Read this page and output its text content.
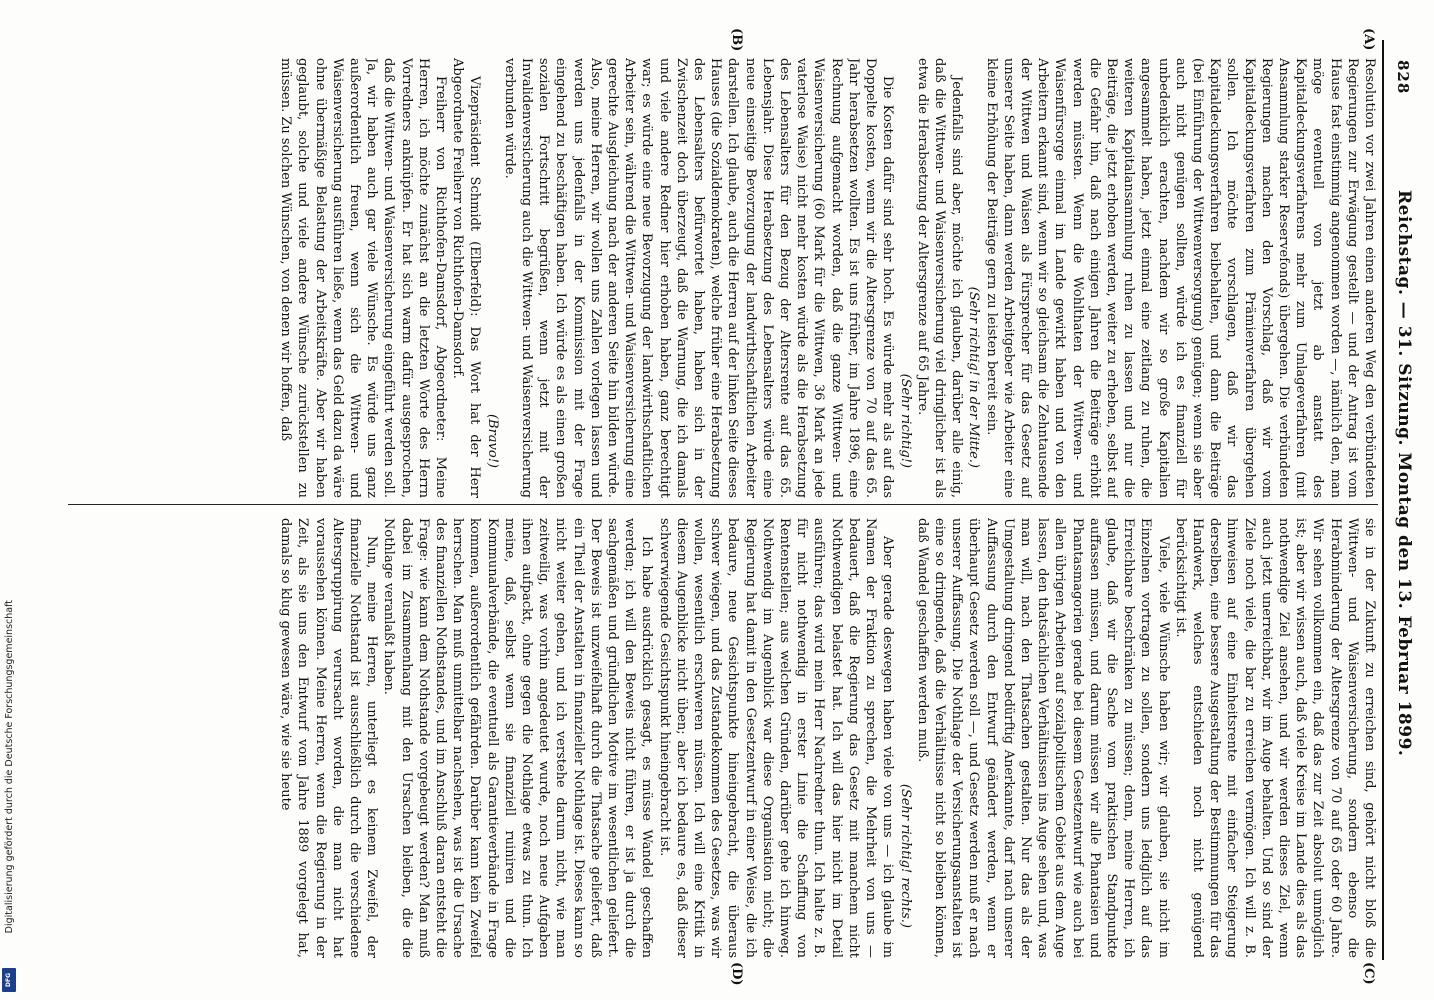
828
Reichstag. — 31. Sitzung. Montag den 13. Februar 1899.
(A)
(B)
(C)
(D)

Resolution vor zwei Jahren einen anderen Weg den verbündeten Regierungen zur Erwägung gestellt — und der Antrag ist vom Hause fast einstimmig angenommen worden —, nämlich den, man möge eventuell von jetzt ab anstatt des Kapitaldeckungsverfahrens mehr zum Umlageverfahren (mit Ansammlung starker Reservefonds) übergehen. Die verbündeten Regierungen machen den Vorschlag, daß wir vom Kapitaldeckungsverfahren zum Prämienverfahren übergehen sollen. Ich möchte vorschlagen, daß wir das Kapitaldeckungsverfahren beibehalten, und dann die Beiträge (bei Einführung der Wittwenversorgung) genügen; wenn sie aber auch nicht genügen sollten, würde ich es finanziell für unbedenklich erachten, nachdem wir so große Kapitalien angesammelt haben, jetzt einmal eine zeitlang zu ruhen, die weiteren Kapitalansammlung ruhen zu lassen und nur die Beiträge, die jetzt erhoben werden, weiter zu erheben, selbst auf die Gefahr hin, daß nach einigen Jahren die Beiträge erhöht werden müssten. Wenn die Wohlthaten der Wittwen- und Waisenfürsorge einmal im Lande gewirkt haben und von den Arbeitern erkannt sind, wenn wir so gleichsam die Zehntausende der Wittwen und Waisen als Fürsprecher für das Gesetz auf unserer Seite haben, dann werden Arbeitgeber wie Arbeiter eine kleine Erhöhung der Beiträge gern zu leisten bereit sein.

(Sehr richtig! in der Mitte.)

Jedenfalls sind aber, möchte ich glauben, darüber alle einig, daß die Wittwen- und Waisenversicherung viel dringlicher ist als etwa die Herabsetzung der Altersgrenze auf 65 Jahre.

(Sehr richtig!)

Die Kosten dafür sind sehr hoch. Es würde mehr als auf das Doppelte kosten, wenn wir die Altersgrenze von 70 auf das 65. Jahr herabsetzen wollten. Es ist uns früher, im Jahre 1896, eine Rechnung aufgemacht worden, daß die ganze Wittwen- und Waisenversicherung (60 Mark für die Wittwen, 36 Mark an jede vaterlose Waise) nicht mehr kosten würde als die Herabsetzung des Lebensalters für den Bezug der Altersrente auf das 65. Lebensjahr. Diese Herabsetzung des Lebensalters würde eine neue einseitige Bevorzugung der landwirthschaftlichen Arbeiter darstellen. Ich glaube, auch die Herren auf der linken Seite dieses Hauses (die Sozialdemokraten), welche früher eine Herabsetzung des Lebensalters befürwortet haben, haben sich in der Zwischenzeit doch überzeugt, daß die Warnung, die ich damals und viele andere Redner hier erhoben haben, ganz berechtigt war; es würde eine neue Bevorzugung der landwirthschaftlichen Arbeiter sein, während die Wittwen- und Waisenversicherung eine gerechte Ausgleichung nach der anderen Seite hin bilden würde. Also, meine Herren, wir wollen uns Zahlen vorlegen lassen und werden uns jedenfalls in der Kommission mit der Frage eingehend zu beschäftigen haben. Ich würde es als einen großen sozialen Fortschritt begrüßen, wenn jetzt mit der Invalidenversicherung auch die Wittwen- und Waisenversicherung verbunden würde.

(Bravo!)

Vizepräsident Schmidt (Elberfeld): Das Wort hat der Herr Abgeordnete Freiherr von Richthofen-Damsdorf.

Freiherr von Richthofen-Damsdorf, Abgeordneter: Meine Herren, ich möchte zunächst an die letzten Worte des Herrn Vorredners anknüpfen. Er hat sich warm dafür ausgesprochen, daß die Wittwen- und Waisenversicherung eingeführt werden soll. Ja, wir haben auch gar viele Wünsche. Es würde uns ganz außerordentlich freuen, wenn sich die Wittwen- und Waisenversicherung ausführen ließe, wenn das Geld dazu da wäre ohne übermäßige Belastung der Arbeitskräfte. Aber wir haben geglaubt, solche und viele andere Wünsche zurückstellen zu müssen. Zu solchen Wünschen, von denen wir hoffen, daß

sie in der Zukunft zu erreichen sind, gehört nicht bloß die Wittwen- und Waisenversicherung, sondern ebenso die Herabminderung der Altersgrenze von 70 auf 65 oder 60 Jahre. Wir sehen vollkommen ein, daß das zur Zeit absolut unmöglich ist; aber wir wissen auch, daß viele Kreise im Lande dies als das nothwendige Ziel ansehen, und wir werden dieses Ziel, wenn auch jetzt unerreichbar, wir im Auge behalten. Und so sind der Ziele noch viele, die bar zu erreichen vermögen. Ich will z. B. hinweisen auf eine Einheitsrente mit einfacher Steigerung derselben, eine bessere Ausgestaltung der Bestimmungen für das Handwerk, welches entschieden noch nicht genügend berücksichtigt ist.

Viele, viele Wünsche haben wir; wir glauben, sie nicht im Einzelnen vortragen zu sollen, sondern uns lediglich auf das Erreichbare beschränken zu müssen; denn, meine Herren, ich glaube, daß wir die Sache vom praktischen Standpunkte auffassen müssen, und darum müssen wir alle Phantasien und Phantasmagorien gerade bei diesem Gesetzentwurf wie auch bei allen übrigen Arbeiten auf sozialpolitischem Gebiet aus dem Auge lassen, den thatsächlichen Verhältnissen ins Auge sehen und, was man will, nach den Thatsachen gestalten. Nur das als der Umgestaltung dringend bedürftig Anerkannte, darf nach unserer Auffassung durch den Entwurf geändert werden, wenn er überhaupt Gesetz werden soll —, und Gesetz werden muß er nach unserer Auffassung. Die Nothlage der Versicherungsanstalten ist eine so dringende, daß die Verhältnisse nicht so bleiben können, daß Wandel geschaffen werden muß.

(Sehr richtig! rechts.)

Aber gerade deswegen haben viele von uns — ich glaube im Namen der Fraktion zu sprechen, die Mehrheit von uns — bedauert, daß die Regierung das Gesetz mit manchem nicht Nothwendigen belastet hat. Ich will das hier nicht im Detail ausführen; das wird mein Herr Nachredner thun. Ich halte z. B. für nicht nothwendig in erster Linie die Schaffung von Rentenstellen; aus welchen Gründen, darüber gehe ich hinweg. Nothwendig im Augenblick war diese Organisation nicht; die Regierung hat damit in den Gesetzentwurf in einer Weise, die ich bedaure, neue Gesichtspunkte hineingebracht, die überaus schwer wiegen, und das Zustandekommen des Gesetzes, was wir wollen, wesentlich erschweren müssen. Ich will eine Kritik in diesem Augenblicke nicht üben; aber ich bedaure es, daß dieser schwerwiegende Gesichtspunkt hineingebracht ist.

Ich habe ausdrücklich gesagt, es müsse Wandel geschaffen werden; ich will den Beweis nicht führen, er ist ja durch die sachgemäßen und gründlichen Motive im wesentlichen geliefert. Der Beweis ist unzweifelhaft durch die Thatsache geliefert, daß ein Theil der Anstalten in finanzieller Nothlage ist. Dieses kann so nicht weiter gehen, und ich verstehe darum nicht, wie man zeitweilig, was vorhin angedeutet wurde, noch neue Aufgaben ihnen aufpackt, ohne gegen die Nothlage etwas zu thun. Ich meine, daß, selbst wenn sie finanziell ruiniren und die Kommunalverbände, die eventuell als Garantieverbände in Frage kommen, außerordentlich gefährden. Darüber kann kein Zweifel herrschen. Man muß unmittelbar nachsehen, was ist die Ursache des finanziellen Nothstandes, und im Anschluß daran entsteht die Frage: wie kann dem Nothstande vorgebeugt werden? Man muß dabei im Zusammenhang mit den Ursachen bleiben, die die Nothlage veranlaßt haben.

Nun, meine Herren, unterliegt es keinem Zweifel, der finanzielle Nothstand ist ausschließlich durch die verschiedene Altersgruppirung verursacht worden, die man nicht hat voraussehen können. Meine Herren, wenn die Regierung in der Zeit, als sie uns den Entwurf vom Jahre 1889 vorgelegt hat, damals so klug gewesen wäre, wie sie heute

Digitalisierung gefördert durch die Deutsche Forschungsgemeinschaft
DFG
